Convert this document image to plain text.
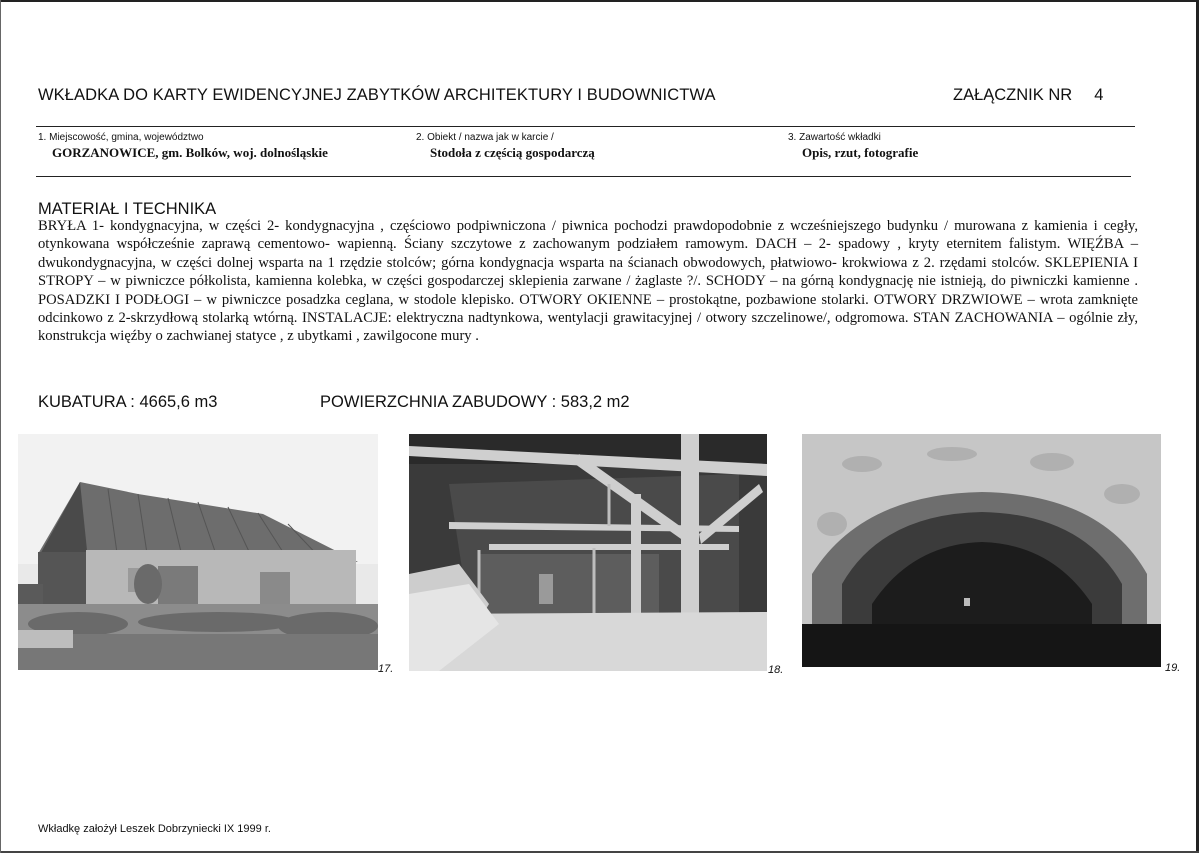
WKŁADKA DO KARTY EWIDENCYJNEJ ZABYTKÓW ARCHITEKTURY I BUDOWNICTWA	ZAŁĄCZNIK NR 4
1. Miejscowość, gmina, województwo
GORZANOWICE, gm. Bolków, woj. dolnośląskie
2. Obiekt / nazwa jak w karcie /
Stodoła z częścią gospodarczą
3. Zawartość wkładki
Opis, rzut, fotografie
MATERIAŁ I TECHNIKA
BRYŁA 1- kondygnacyjna, w części 2- kondygnacyjna , częściowo podpiwniczona / piwnica pochodzi prawdopodobnie z wcześniejszego budynku / murowana z kamienia i cegły, otynkowana współcześnie zaprawą cementowo- wapienną. Ściany szczytowe z zachowanym podziałem ramowym. DACH – 2- spadowy , kryty eternitem falistym. WIĘŹBA – dwukondygnacyjna, w części dolnej wsparta na 1 rzędzie stolców; górna kondygnacja wsparta na ścianach obwodowych, płatwiowo- krokwiowa z 2. rzędami stolców. SKLEPIENIA I STROPY – w piwniczce półkolista, kamienna kolebka, w części gospodarczej sklepienia zarwane / żaglaste ?/. SCHODY – na górną kondygnację nie istnieją, do piwniczki kamienne . POSADZKI I PODŁOGI – w piwniczce posadzka ceglana, w stodole klepisko. OTWORY OKIENNE – prostokątne, pozbawione stolarki. OTWORY DRZWIOWE – wrota zamknięte odcinkowo z 2-skrzydłową stolarką wtórną. INSTALACJE: elektryczna nadtynkowa, wentylacji grawitacyjnej / otwory szczelinowe/, odgromowa. STAN ZACHOWANIA – ogólnie zły, konstrukcja więźby o zachwianej statyce , z ubytkami , zawilgocone mury .
KUBATURA : 4665,6 m3	POWIERZCHNIA ZABUDOWY : 583,2 m2
17.	18.	19.
Wkładkę założył Leszek Dobrzyniecki IX 1999 r.
